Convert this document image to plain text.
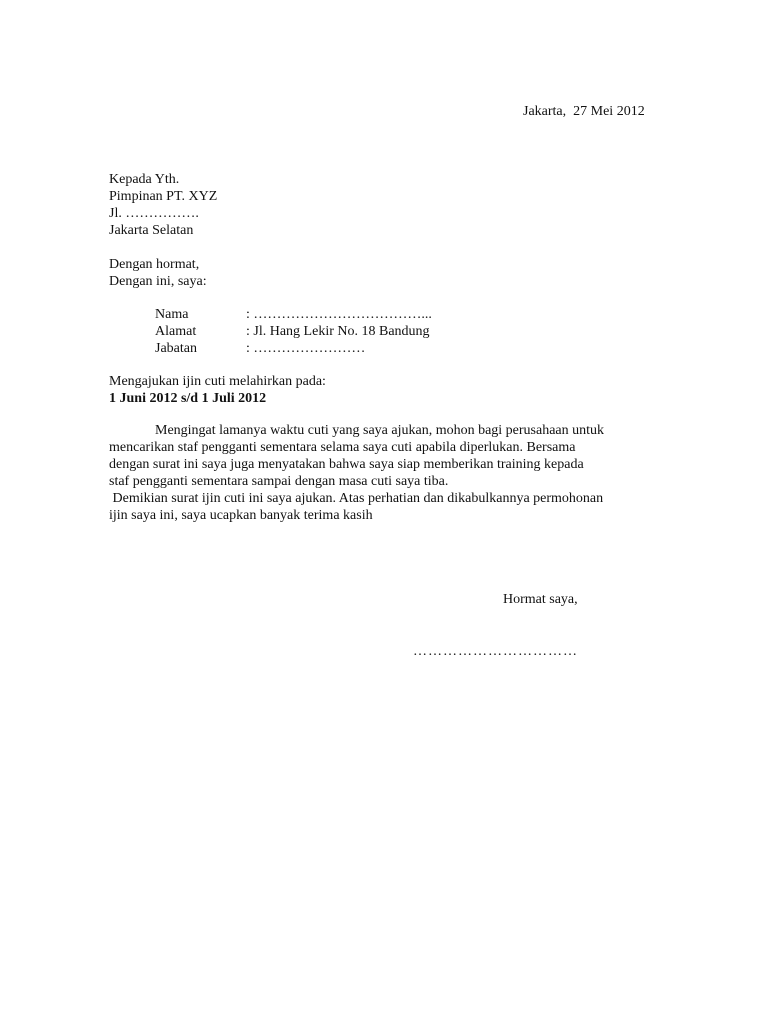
Jakarta,  27 Mei 2012
Kepada Yth.
Pimpinan PT. XYZ
Jl. …………….
Jakarta Selatan
Dengan hormat,
Dengan ini, saya:
Nama	: ………………………………...
Alamat	: Jl. Hang Lekir No. 18 Bandung
Jabatan	: ……………………
Mengajukan ijin cuti melahirkan pada:
1 Juni 2012 s/d 1 Juli 2012
Mengingat lamanya waktu cuti yang saya ajukan, mohon bagi perusahaan untuk
mencarikan staf pengganti sementara selama saya cuti apabila diperlukan. Bersama
dengan surat ini saya juga menyatakan bahwa saya siap memberikan training kepada
staf pengganti sementara sampai dengan masa cuti saya tiba.
Demikian surat ijin cuti ini saya ajukan. Atas perhatian dan dikabulkannya permohonan
ijin saya ini, saya ucapkan banyak terima kasih
Hormat saya,
……………………………
